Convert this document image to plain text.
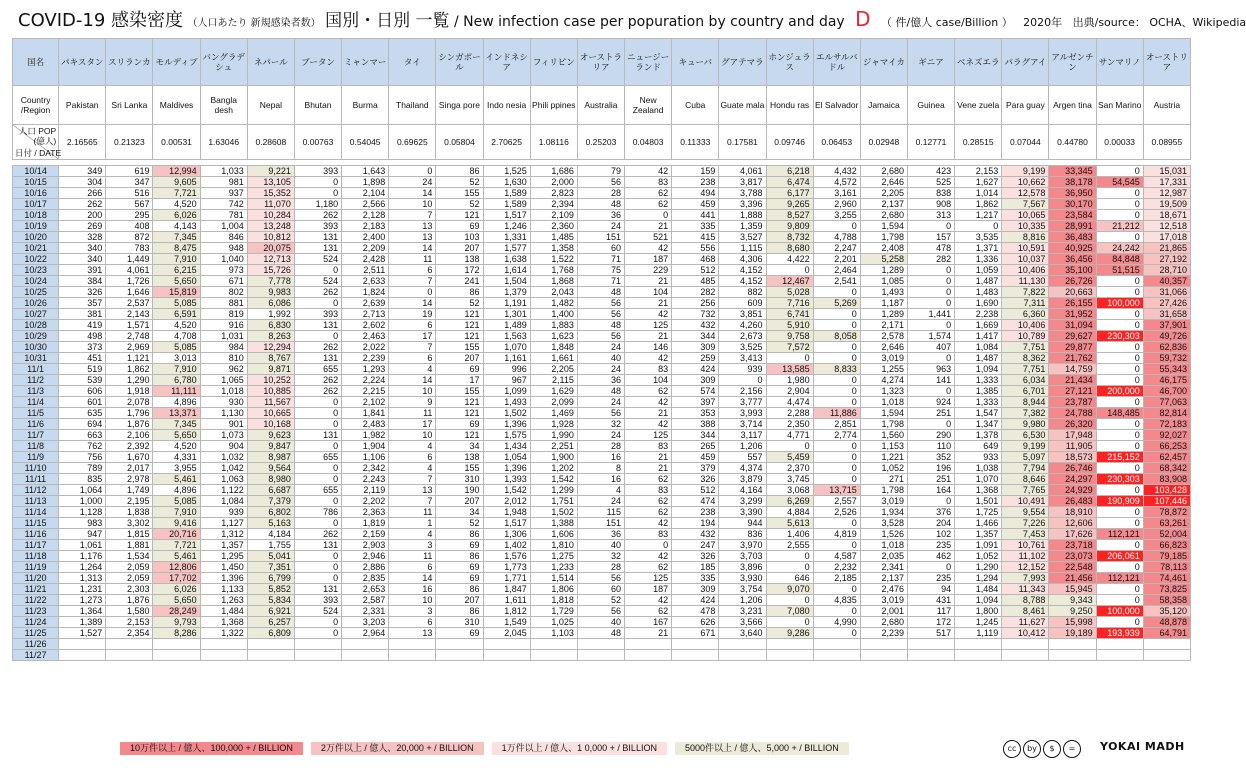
COVID-19 感染密度 （人口あたり 新規感染者数） 国別・日別 一覧 / New infection case per popuration by country and day D （ 件/億人 case/Billion ） 2020年 出典/source： OCHA、Wikipedia
国名	パキスタン	スリランカ	モルディブ	バングラデシュ	ネパール	ブータン	ミャンマー	タイ	シンガポール	インドネシア	フィリピン	オーストラリア	ニュージーランド	キューバ	グアテマラ	ホンジュラス	エルサルバドル	ジャマイカ	ギニア	ベネズエラ	パラグアイ	アルゼンチン	サンマリノ	オーストリア
Country /Region	Pakistan	Sri Lanka	Maldives	Bangla desh	Nepal	Bhutan	Burma	Thailand	Singa pore	Indo nesia	Phili ppines	Australia	New Zealand	Cuba	Guate mala	Hondu ras	El Salvador	Jamaica	Guinea	Vene zuela	Para guay	Argen tina	San Marino	Austria

人口 POP
(億人)
日付 / DATE	2.16565	0.21323	0.00531	1.63046	0.28608	0.00763	0.54045	0.69625	0.05804	2.70625	1.08116	0.25203	0.04803	0.11333	0.17581	0.09746	0.06453	0.02948	0.12771	0.28515	0.07044	0.44780	0.00033	0.08955

10/14	349	619	12,994	1,033	9,221	393	1,643	0	86	1,525	1,686	79	42	159	4,061	6,218	4,432	2,680	423	2,153	9,199	33,345	0	15,031
10/15	304	347	9,605	981	13,105	0	1,898	24	52	1,630	2,000	56	83	238	3,817	6,474	4,572	2,646	525	1,627	10,662	38,178	54,545	17,331
10/16	266	516	7,721	937	15,352	0	2,104	14	155	1,589	2,823	28	62	494	3,788	6,177	3,161	2,205	838	1,014	12,578	36,950	0	12,987
10/17	262	567	4,520	742	11,070	1,180	2,566	10	52	1,589	2,394	48	62	459	3,396	9,265	2,960	2,137	908	1,862	7,567	30,170	0	19,509
10/18	200	295	6,026	781	10,284	262	2,128	7	121	1,517	2,109	36	0	441	1,888	8,527	3,255	2,680	313	1,217	10,065	23,584	0	18,671
10/19	269	408	4,143	1,004	13,248	393	2,183	13	69	1,246	2,360	24	21	335	1,359	9,809	0	1,594	0	0	10,335	28,991	21,212	12,518
10/20	328	872	7,345	846	10,812	131	2,400	13	103	1,331	1,485	151	521	415	3,527	8,732	4,788	1,798	157	3,535	8,816	36,483	0	17,018
10/21	340	783	8,475	948	20,075	131	2,209	14	207	1,577	1,358	60	42	556	1,115	8,680	2,247	2,408	478	1,371	10,591	40,925	24,242	21,865
10/22	340	1,449	7,910	1,040	12,713	524	2,428	11	138	1,638	1,522	71	187	468	4,306	4,422	2,201	5,258	282	1,336	10,037	36,456	84,848	27,192
10/23	391	4,061	6,215	973	15,726	0	2,511	6	172	1,614	1,768	75	229	512	4,152	0	2,464	1,289	0	1,059	10,406	35,100	51,515	28,710
10/24	384	1,726	5,650	671	7,778	524	2,633	7	241	1,504	1,868	71	21	485	4,152	12,467	2,541	1,085	0	1,487	11,130	26,726	0	40,357
10/25	326	1,646	15,819	802	9,983	262	1,824	0	86	1,379	2,043	48	104	282	882	5,028	0	1,493	0	1,483	7,822	20,663	0	31,066
10/26	357	2,537	5,085	881	6,086	0	2,639	14	52	1,191	1,482	56	21	256	609	7,716	5,269	1,187	0	1,690	7,311	26,155	100,000	27,426
10/27	381	2,143	6,591	819	1,992	393	2,713	19	121	1,301	1,400	56	42	732	3,851	6,741	0	1,289	1,441	2,238	6,360	31,952	0	31,658
10/28	419	1,571	4,520	916	6,830	131	2,602	6	121	1,489	1,883	48	125	432	4,260	5,910	0	2,171	0	1,669	10,406	31,094	0	37,901
10/29	498	2,748	4,708	1,031	8,263	0	2,463	17	121	1,563	1,623	56	21	344	2,673	9,758	8,058	2,578	1,574	1,417	10,789	29,627	230,303	49,726
10/30	373	2,969	5,085	984	12,294	262	2,022	7	155	1,070	1,848	24	146	309	3,525	7,572	0	2,646	407	1,084	7,751	29,877	0	62,836
10/31	451	1,121	3,013	810	8,767	131	2,239	6	207	1,161	1,661	40	42	259	3,413	0	0	3,019	0	1,487	8,362	21,762	0	59,732
11/1	519	1,862	7,910	962	9,871	655	1,293	4	69	996	2,205	24	83	424	939	13,585	8,833	1,255	963	1,094	7,751	14,759	0	55,343
11/2	539	1,290	6,780	1,065	10,252	262	2,224	14	17	967	2,115	36	104	309	0	1,980	0	4,274	141	1,333	6,034	21,434	0	46,175
11/3	606	1,918	11,111	1,018	10,885	262	2,215	10	155	1,099	1,629	48	62	574	2,156	2,904	0	1,323	0	1,385	6,701	27,121	200,000	46,700
11/4	601	2,078	4,896	930	11,567	0	2,102	9	121	1,493	2,099	24	42	397	3,777	4,474	0	1,018	924	1,333	8,944	23,787	0	77,063
11/5	635	1,796	13,371	1,130	10,665	0	1,841	11	121	1,502	1,469	56	21	353	3,993	2,288	11,886	1,594	251	1,547	7,382	24,788	148,485	82,814
11/6	694	1,876	7,345	901	10,168	0	2,483	17	69	1,396	1,928	32	42	388	3,714	2,350	2,851	1,798	0	1,347	9,980	26,320	0	72,183
11/7	663	2,106	5,650	1,073	9,623	131	1,982	10	121	1,575	1,990	24	125	344	3,117	4,771	2,774	1,560	290	1,378	6,530	17,948	0	92,027
11/8	762	2,392	4,520	904	9,847	0	1,904	4	34	1,434	2,251	28	83	265	1,206	0	0	1,153	110	649	9,199	11,905	0	66,253
11/9	756	1,670	4,331	1,032	8,987	655	1,106	6	138	1,054	1,900	16	21	459	557	5,459	0	1,221	352	933	5,097	18,573	215,152	62,457
11/10	789	2,017	3,955	1,042	9,564	0	2,342	4	155	1,396	1,202	8	21	379	4,374	2,370	0	1,052	196	1,038	7,794	26,746	0	68,342
11/11	835	2,978	5,461	1,063	8,980	0	2,243	7	310	1,393	1,542	16	62	326	3,879	3,745	0	271	251	1,070	8,646	24,297	230,303	83,908
11/12	1,064	1,749	4,896	1,122	6,687	655	2,119	13	190	1,542	1,299	4	83	512	4,164	3,068	13,715	1,798	164	1,368	7,765	24,929	0	103,428
11/13	1,000	2,195	5,085	1,084	7,379	0	2,202	7	207	2,012	1,751	24	62	474	3,299	6,269	2,557	3,019	0	1,501	10,491	26,483	190,909	107,446
11/14	1,128	1,838	7,910	939	6,802	786	2,363	11	34	1,948	1,502	115	62	238	3,390	4,884	2,526	1,934	376	1,725	9,554	18,910	0	78,872
11/15	983	3,302	9,416	1,127	5,163	0	1,819	1	52	1,517	1,388	151	42	194	944	5,613	0	3,528	204	1,466	7,226	12,606	0	63,261
11/16	947	1,815	20,716	1,312	4,184	262	2,159	4	86	1,306	1,606	36	83	432	836	1,406	4,819	1,526	102	1,357	7,453	17,626	112,121	52,004
11/17	1,061	1,881	7,721	1,357	1,755	131	2,903	3	69	1,402	1,810	40	0	247	3,970	2,555	0	1,018	235	1,091	10,761	23,718	0	66,823
11/18	1,176	1,534	5,461	1,295	5,041	0	2,946	11	86	1,576	1,275	32	42	326	3,703	0	4,587	2,035	462	1,052	11,102	23,073	206,061	79,185
11/19	1,264	2,059	12,806	1,450	7,351	0	2,886	6	69	1,773	1,233	28	62	185	3,896	0	2,232	2,341	0	1,290	12,152	22,548	0	78,113
11/20	1,313	2,059	17,702	1,396	6,799	0	2,835	14	69	1,771	1,514	56	125	335	3,930	646	2,185	2,137	235	1,294	7,993	21,456	112,121	74,461
11/21	1,231	2,303	6,026	1,133	5,852	131	2,653	16	86	1,847	1,806	60	187	309	3,754	9,070	0	2,476	94	1,484	11,343	15,945	0	73,825
11/22	1,273	1,876	5,650	1,263	5,834	393	2,587	10	207	1,611	1,818	52	42	424	1,206	0	4,835	3,019	431	1,094	8,788	9,343	0	58,358
11/23	1,364	1,580	28,249	1,484	6,921	524	2,331	3	86	1,812	1,729	56	62	478	3,231	7,080	0	2,001	117	1,800	8,461	9,250	100,000	35,120
11/24	1,389	2,153	9,793	1,368	6,257	0	3,203	6	310	1,549	1,025	40	167	626	3,566	0	4,990	2,680	172	1,245	11,627	15,998	0	48,878
11/25	1,527	2,354	8,286	1,322	6,809	0	2,964	13	69	2,045	1,103	48	21	671	3,640	9,286	0	2,239	517	1,119	10,412	19,189	193,939	64,791
11/26																								
11/27																								
10万件以上 / 億人、100,000 + / BILLION	2万件以上 / 億人、20,000 + / BILLION	1万件以上 / 億人、1 0,000 + / BILLION	5000件以上 / 億人、5,000 + / BILLION	cc	by	$	=	YOKAI MADH
